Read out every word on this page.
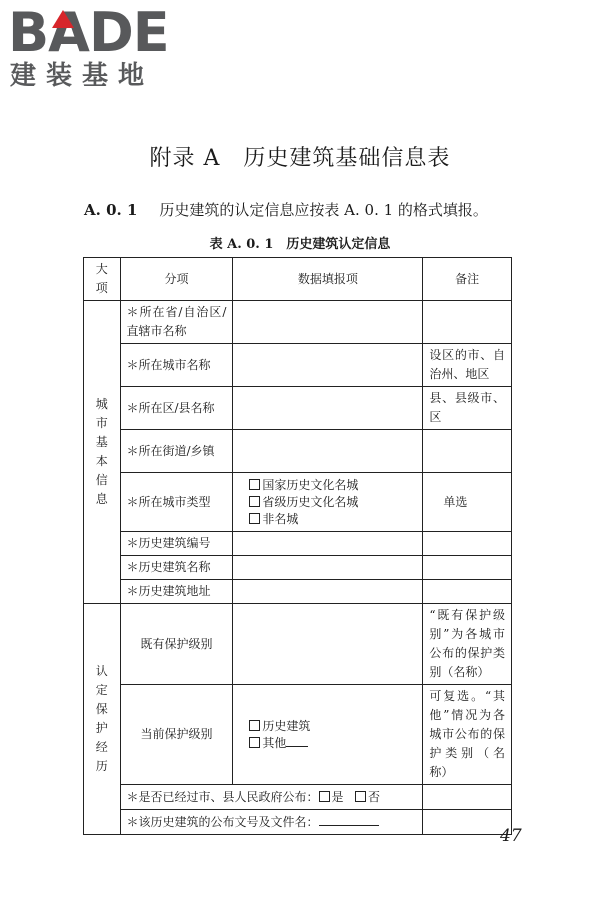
BADE
建装基地
附录 A　历史建筑基础信息表
A. 0. 1 历史建筑的认定信息应按表 A. 0. 1 的格式填报。
表 A. 0. 1　历史建筑认定信息
大项	分项	数据填报项	备注
城市基本信息	＊所在省/自治区/直辖市名称		
	＊所在城市名称		设区的市、自治州、地区
	＊所在区/县名称		县、县级市、区
	＊所在街道/乡镇		
	＊所在城市类型	国家历史文化名城
省级历史文化名城
非名城	单选
	＊历史建筑编号		
	＊历史建筑名称		
	＊历史建筑地址		
认定保护经历	既有保护级别		“既有保护级别”为各城市公布的保护类别（名称）
	当前保护级别	历史建筑
其他	可复选。“其他”情况为各城市公布的保护类别（名称）
	＊是否已经过市、县人民政府公布： 是 否		
	＊该历史建筑的公布文号及文件名：		
47
